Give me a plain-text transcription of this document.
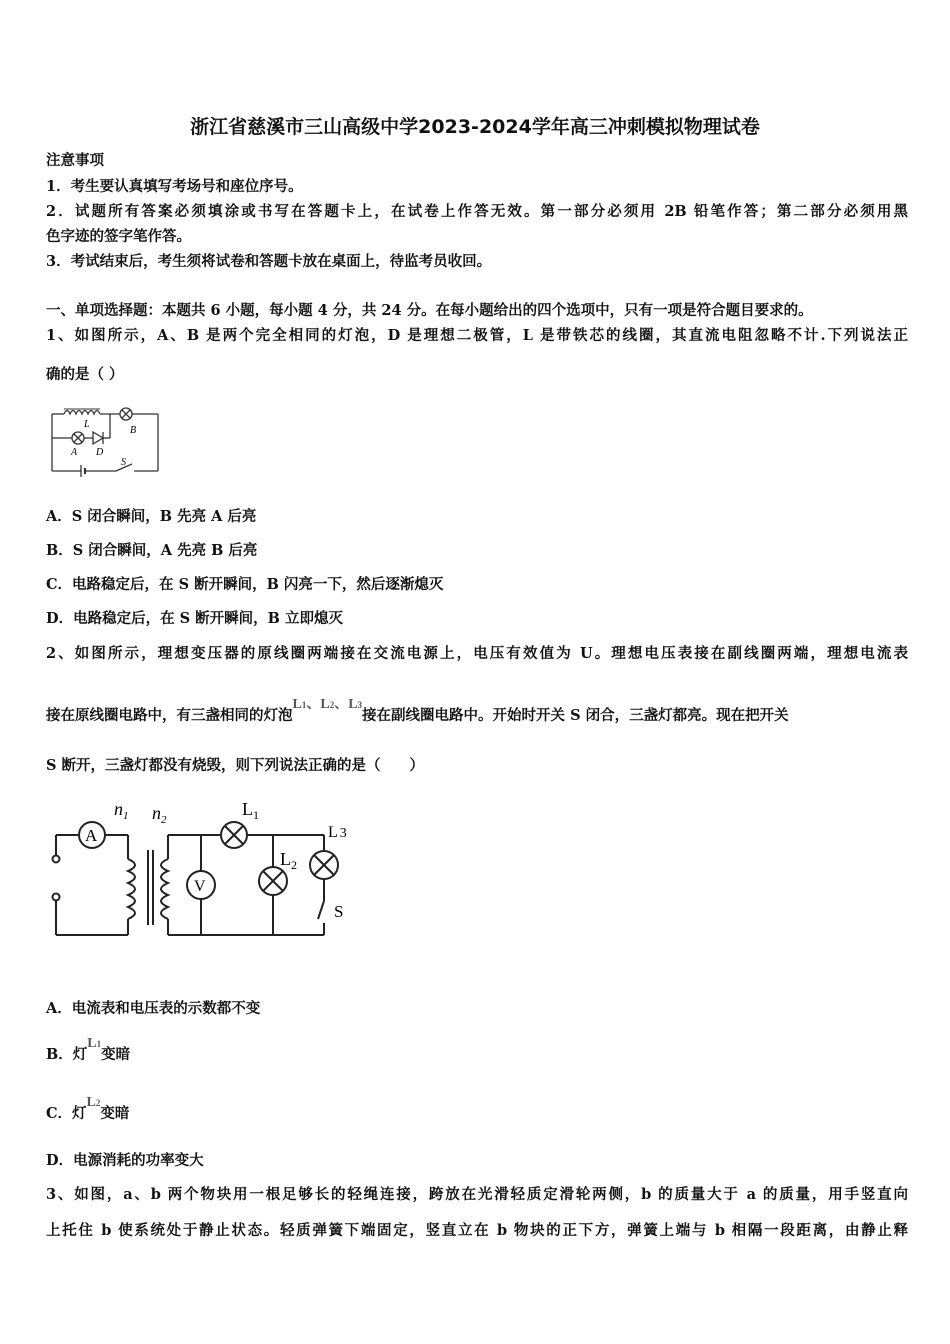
浙江省慈溪市三山高级中学2023-2024学年高三冲刺模拟物理试卷
注意事项
1．考生要认真填写考场号和座位序号。
2．试题所有答案必须填涂或书写在答题卡上，在试卷上作答无效。第一部分必须用 2B 铅笔作答；第二部分必须用黑
色字迹的签字笔作答。
3．考试结束后，考生须将试卷和答题卡放在桌面上，待监考员收回。
一、单项选择题：本题共 6 小题，每小题 4 分，共 24 分。在每小题给出的四个选项中，只有一项是符合题目要求的。
1、如图所示，A、B 是两个完全相同的灯泡，D 是理想二极管，L 是带铁芯的线圈，其直流电阻忽略不计.下列说法正
确的是（ ）
L
B
A D
S
A．S 闭合瞬间，B 先亮 A 后亮
B．S 闭合瞬间，A 先亮 B 后亮
C．电路稳定后，在 S 断开瞬间，B 闪亮一下，然后逐渐熄灭
D．电路稳定后，在 S 断开瞬间，B 立即熄灭
2、如图所示，理想变压器的原线圈两端接在交流电源上，电压有效值为 U。理想电压表接在副线圈两端，理想电流表
接在原线圈电路中，有三盏相同的灯泡L1、L2、L3接在副线圈电路中。开始时开关 S 闭合，三盏灯都亮。现在把开关
S 断开，三盏灯都没有烧毁，则下列说法正确的是（　　）
A
V
$n_1$ $n_2$
$L_1$
$L_2$
L 3
S
A．电流表和电压表的示数都不变
B．灯L1变暗
C．灯L2变暗
D．电源消耗的功率变大
3、如图，a、b 两个物块用一根足够长的轻绳连接，跨放在光滑轻质定滑轮两侧，b 的质量大于 a 的质量，用手竖直向
上托住 b 使系统处于静止状态。轻质弹簧下端固定，竖直立在 b 物块的正下方，弹簧上端与 b 相隔一段距离，由静止释
